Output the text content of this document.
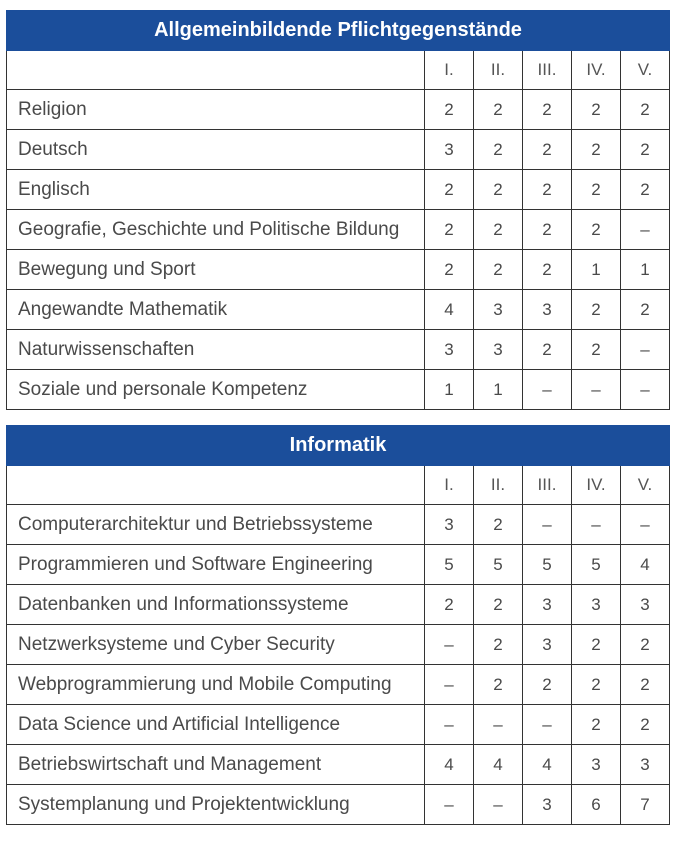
Allgemeinbildende Pflichtgegenstände					
	I.	II.	III.	IV.	V.
Religion	2	2	2	2	2
Deutsch	3	2	2	2	2
Englisch	2	2	2	2	2
Geografie, Geschichte und Politische Bildung	2	2	2	2	–
Bewegung und Sport	2	2	2	1	1
Angewandte Mathematik	4	3	3	2	2
Naturwissenschaften	3	3	2	2	–
Soziale und personale Kompetenz	1	1	–	–	–
Informatik					
	I.	II.	III.	IV.	V.
Computerarchitektur und Betriebssysteme	3	2	–	–	–
Programmieren und Software Engineering	5	5	5	5	4
Datenbanken und Informationssysteme	2	2	3	3	3
Netzwerksysteme und Cyber Security	–	2	3	2	2
Webprogrammierung und Mobile Computing	–	2	2	2	2
Data Science und Artificial Intelligence	–	–	–	2	2
Betriebswirtschaft und Management	4	4	4	3	3
Systemplanung und Projektentwicklung	–	–	3	6	7
